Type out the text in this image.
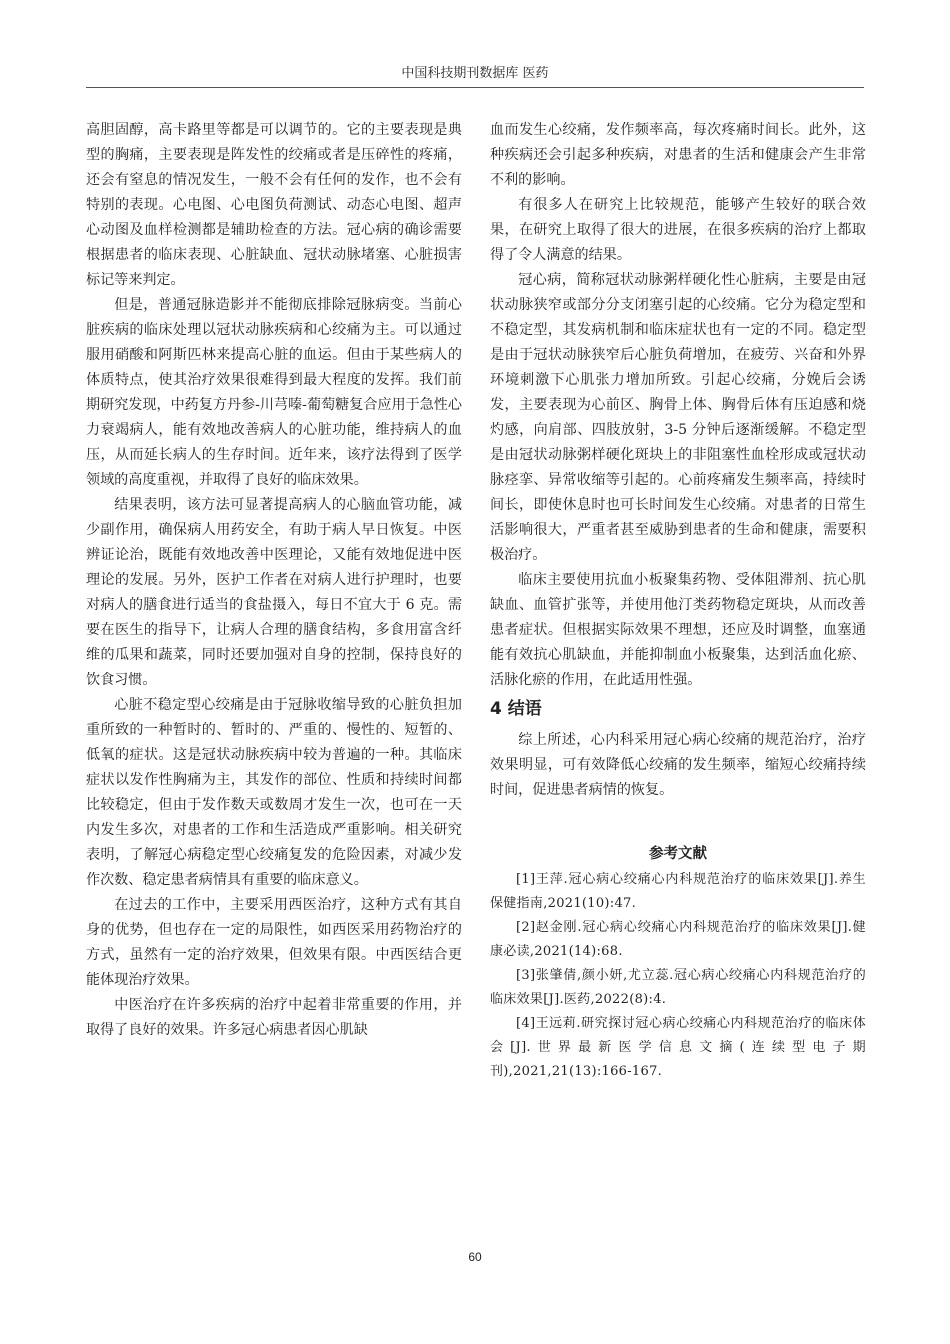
中国科技期刊数据库 医药

高胆固醇，高卡路里等都是可以调节的。它的主要表现是典型的胸痛，主要表现是阵发性的绞痛或者是压碎性的疼痛，还会有窒息的情况发生，一般不会有任何的发作，也不会有特别的表现。心电图、心电图负荷测试、动态心电图、超声心动图及血样检测都是辅助检查的方法。冠心病的确诊需要根据患者的临床表现、心脏缺血、冠状动脉堵塞、心脏损害标记等来判定。

但是，普通冠脉造影并不能彻底排除冠脉病变。当前心脏疾病的临床处理以冠状动脉疾病和心绞痛为主。可以通过服用硝酸和阿斯匹林来提高心脏的血运。但由于某些病人的体质特点，使其治疗效果很难得到最大程度的发挥。我们前期研究发现，中药复方丹参-川芎嗪-葡萄糖复合应用于急性心力衰竭病人，能有效地改善病人的心脏功能，维持病人的血压，从而延长病人的生存时间。近年来，该疗法得到了医学领域的高度重视，并取得了良好的临床效果。

结果表明，该方法可显著提高病人的心脑血管功能，减少副作用，确保病人用药安全，有助于病人早日恢复。中医辨证论治，既能有效地改善中医理论，又能有效地促进中医理论的发展。另外，医护工作者在对病人进行护理时，也要对病人的膳食进行适当的食盐摄入，每日不宜大于 6 克。需要在医生的指导下，让病人合理的膳食结构，多食用富含纤维的瓜果和蔬菜，同时还要加强对自身的控制，保持良好的饮食习惯。

心脏不稳定型心绞痛是由于冠脉收缩导致的心脏负担加重所致的一种暂时的、暂时的、严重的、慢性的、短暂的、低氧的症状。这是冠状动脉疾病中较为普遍的一种。其临床症状以发作性胸痛为主，其发作的部位、性质和持续时间都比较稳定，但由于发作数天或数周才发生一次，也可在一天内发生多次，对患者的工作和生活造成严重影响。相关研究表明，了解冠心病稳定型心绞痛复发的危险因素，对减少发作次数、稳定患者病情具有重要的临床意义。

在过去的工作中，主要采用西医治疗，这种方式有其自身的优势，但也存在一定的局限性，如西医采用药物治疗的方式，虽然有一定的治疗效果，但效果有限。中西医结合更能体现治疗效果。

中医治疗在许多疾病的治疗中起着非常重要的作用，并取得了良好的效果。许多冠心病患者因心肌缺

血而发生心绞痛，发作频率高，每次疼痛时间长。此外，这种疾病还会引起多种疾病，对患者的生活和健康会产生非常不利的影响。

有很多人在研究上比较规范，能够产生较好的联合效果，在研究上取得了很大的进展，在很多疾病的治疗上都取得了令人满意的结果。

冠心病，简称冠状动脉粥样硬化性心脏病，主要是由冠状动脉狭窄或部分分支闭塞引起的心绞痛。它分为稳定型和不稳定型，其发病机制和临床症状也有一定的不同。稳定型是由于冠状动脉狭窄后心脏负荷增加，在疲劳、兴奋和外界环境刺激下心肌张力增加所致。引起心绞痛，分娩后会诱发，主要表现为心前区、胸骨上体、胸骨后体有压迫感和烧灼感，向肩部、四肢放射，3-5 分钟后逐渐缓解。不稳定型是由冠状动脉粥样硬化斑块上的非阻塞性血栓形成或冠状动脉痉挛、异常收缩等引起的。心前疼痛发生频率高，持续时间长，即使休息时也可长时间发生心绞痛。对患者的日常生活影响很大，严重者甚至威胁到患者的生命和健康，需要积极治疗。

临床主要使用抗血小板聚集药物、受体阻滞剂、抗心肌缺血、血管扩张等，并使用他汀类药物稳定斑块，从而改善患者症状。但根据实际效果不理想，还应及时调整，血塞通能有效抗心肌缺血，并能抑制血小板聚集，达到活血化瘀、活脉化瘀的作用，在此适用性强。

4 结语

综上所述，心内科采用冠心病心绞痛的规范治疗，治疗效果明显，可有效降低心绞痛的发生频率，缩短心绞痛持续时间，促进患者病情的恢复。

参考文献

[1]王萍.冠心病心绞痛心内科规范治疗的临床效果[J].养生保健指南,2021(10):47.

[2]赵金刚.冠心病心绞痛心内科规范治疗的临床效果[J].健康必读,2021(14):68.

[3]张肇倩,颜小妍,尤立蕊.冠心病心绞痛心内科规范治疗的临床效果[J].医药,2022(8):4.

[4]王远莉.研究探讨冠心病心绞痛心内科规范治疗的临床体会[J].世界最新医学信息文摘(连续型电子期刊),2021,21(13):166-167.

60
